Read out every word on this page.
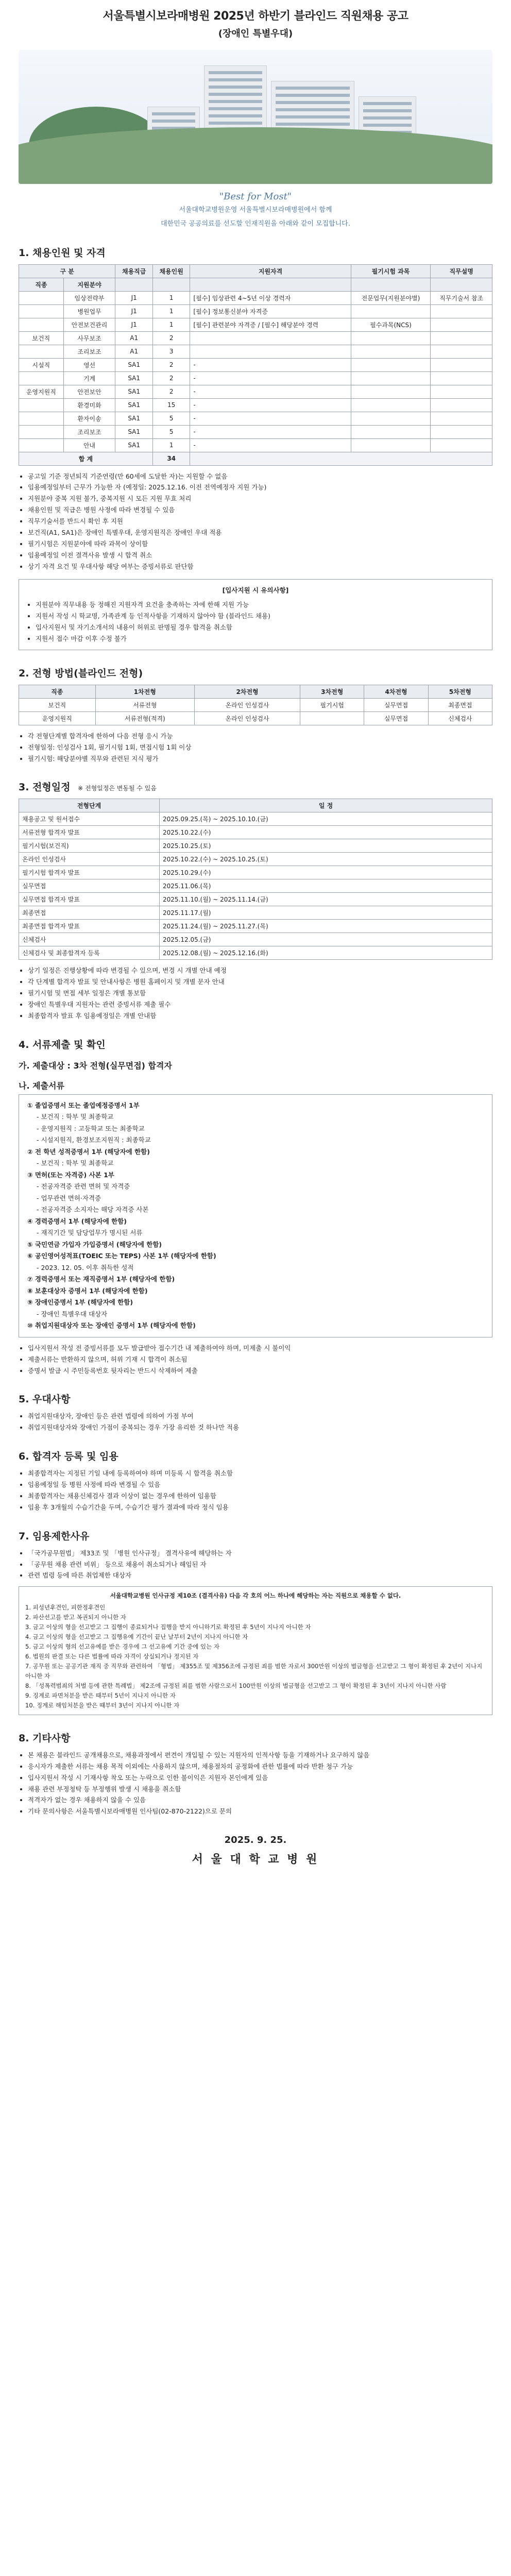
서울특별시보라매병원 2025년 하반기 블라인드 직원채용 공고
(장애인 특별우대)
"Best for Most"

서울대학교병원운영 서울특별시보라매병원에서 함께

대한민국 공공의료를 선도할 인재직원을 아래와 같이 모집합니다.

1. 채용인원 및 자격
구 분		채용직급	채용인원	지원자격	필기시험 과목	직무설명
직종	지원분야					
	임상전략부	J1	1	[필수] 임상관련 4~5년 이상 경력자	전문업무(지원분야별)	직무기술서 참조
	병원업무	J1	1	[필수] 정보통신분야 자격증		
	안전보건관리	J1	1	[필수] 관련분야 자격증 / [필수] 해당분야 경력	필수과목(NCS)	
보건직	사무보조	A1	2			
	조리보조	A1	3			
시설직	영선	SA1	2	-		
	기계	SA1	2	-		
운영지원직	안전보안	SA1	2	-		
	환경미화	SA1	15	-		
	환자이송	SA1	5	-		
	조리보조	SA1	5	-		
	안내	SA1	1	-		
합 계			34			
• 공고일 기준 정년퇴직 기준연령(만 60세에 도달한 자)는 지원할 수 없음
• 임용예정일부터 근무가 가능한 자 (예정일: 2025.12.16. 이전 전역예정자 지원 가능)
• 지원분야 중복 지원 불가, 중복지원 시 모든 지원 무효 처리
• 채용인원 및 직급은 병원 사정에 따라 변경될 수 있음
• 직무기술서를 반드시 확인 후 지원
• 보건직(A1, SA1)은 장애인 특별우대, 운영지원직은 장애인 우대 적용
• 필기시험은 지원분야에 따라 과목이 상이함
• 임용예정일 이전 결격사유 발생 시 합격 취소
• 상기 자격 요건 및 우대사항 해당 여부는 증빙서류로 판단함
[입사지원 시 유의사항]
• 지원분야 직무내용 등 정해진 지원자격 요건을 충족하는 자에 한해 지원 가능
• 지원서 작성 시 학교명, 가족관계 등 인적사항을 기재하지 않아야 함 (블라인드 채용)
• 입사지원서 및 자기소개서의 내용이 허위로 판명될 경우 합격을 취소함
• 지원서 접수 마감 이후 수정 불가
2. 전형 방법(블라인드 전형)
직종	1차전형	2차전형	3차전형	4차전형	5차전형
보건직	서류전형	온라인 인성검사	필기시험	실무면접	최종면접
운영지원직	서류전형(적격)	온라인 인성검사		실무면접	신체검사
• 각 전형단계별 합격자에 한하여 다음 전형 응시 가능
• 전형일정: 인성검사 1회, 필기시험 1회, 면접시험 1회 이상
• 필기시험: 해당분야별 직무와 관련된 지식 평가
3. 전형일정 ※ 전형일정은 변동될 수 있음
전형단계	일 정
채용공고 및 원서접수	2025.09.25.(목) ~ 2025.10.10.(금)
서류전형 합격자 발표	2025.10.22.(수)
필기시험(보건직)	2025.10.25.(토)
온라인 인성검사	2025.10.22.(수) ~ 2025.10.25.(토)
필기시험 합격자 발표	2025.10.29.(수)
실무면접	2025.11.06.(목)
실무면접 합격자 발표	2025.11.10.(월) ~ 2025.11.14.(금)
최종면접	2025.11.17.(월)
최종면접 합격자 발표	2025.11.24.(월) ~ 2025.11.27.(목)
신체검사	2025.12.05.(금)
신체검사 및 최종합격자 등록	2025.12.08.(월) ~ 2025.12.16.(화)
• 상기 일정은 진행상황에 따라 변경될 수 있으며, 변경 시 개별 안내 예정
• 각 단계별 합격자 발표 및 안내사항은 병원 홈페이지 및 개별 문자 안내
• 필기시험 및 면접 세부 일정은 개별 통보함
• 장애인 특별우대 지원자는 관련 증빙서류 제출 필수
• 최종합격자 발표 후 임용예정일은 개별 안내함
4. 서류제출 및 확인
가. 제출대상 : 3차 전형(실무면접) 합격자
나. 제출서류
① 졸업증명서 또는 졸업예정증명서 1부
- 보건직 : 학부 및 최종학교
- 운영지원직 : 고등학교 또는 최종학교
- 시설지원직, 환경보조지원직 : 최종학교
② 전 학년 성적증명서 1부 (해당자에 한함)
- 보건직 : 학부 및 최종학교
③ 면허(또는 자격증) 사본 1부
- 전공자격증 관련 면허 및 자격증
- 업무관련 면허·자격증
- 전공자격증 소지자는 해당 자격증 사본
④ 경력증명서 1부 (해당자에 한함)
- 재직기간 및 담당업무가 명시된 서류
⑤ 국민연금 가입자 가입증명서 (해당자에 한함)
⑥ 공인영어성적표(TOEIC 또는 TEPS) 사본 1부 (해당자에 한함)
- 2023. 12. 05. 이후 취득한 성적
⑦ 경력증명서 또는 재직증명서 1부 (해당자에 한함)
⑧ 보훈대상자 증명서 1부 (해당자에 한함)
⑨ 장애인증명서 1부 (해당자에 한함)
- 장애인 특별우대 대상자
⑩ 취업지원대상자 또는 장애인 증명서 1부 (해당자에 한함)
• 입사지원서 작성 전 증빙서류를 모두 발급받아 접수기간 내 제출하여야 하며, 미제출 시 불이익
• 제출서류는 반환하지 않으며, 허위 기재 시 합격이 취소됨
• 증명서 발급 시 주민등록번호 뒷자리는 반드시 삭제하여 제출
5. 우대사항
• 취업지원대상자, 장애인 등은 관련 법령에 의하여 가점 부여
• 취업지원대상자와 장애인 가점이 중복되는 경우 가장 유리한 것 하나만 적용
6. 합격자 등록 및 임용
• 최종합격자는 지정된 기일 내에 등록하여야 하며 미등록 시 합격을 취소함
• 임용예정일 등 병원 사정에 따라 변경될 수 있음
• 최종합격자는 채용신체검사 결과 이상이 없는 경우에 한하여 임용함
• 임용 후 3개월의 수습기간을 두며, 수습기간 평가 결과에 따라 정식 임용
7. 임용제한사유
• 「국가공무원법」 제33조 및 「병원 인사규정」 결격사유에 해당하는 자
• 「공무원 채용 관련 비위」 등으로 채용이 취소되거나 해임된 자
• 관련 법령 등에 따른 취업제한 대상자
서울대학교병원 인사규정 제10조 (결격사유) 다음 각 호의 어느 하나에 해당하는 자는 직원으로 채용할 수 없다.
1. 피성년후견인, 피한정후견인
2. 파산선고를 받고 복권되지 아니한 자
3. 금고 이상의 형을 선고받고 그 집행이 종료되거나 집행을 받지 아니하기로 확정된 후 5년이 지나지 아니한 자
4. 금고 이상의 형을 선고받고 그 집행유예 기간이 끝난 날부터 2년이 지나지 아니한 자
5. 금고 이상의 형의 선고유예를 받은 경우에 그 선고유예 기간 중에 있는 자
6. 법원의 판결 또는 다른 법률에 따라 자격이 상실되거나 정지된 자
7. 공무원 또는 공공기관 재직 중 직무와 관련하여 「형법」 제355조 및 제356조에 규정된 죄를 범한 자로서 300만원 이상의 벌금형을 선고받고 그 형이 확정된 후 2년이 지나지 아니한 자
8. 「성폭력범죄의 처벌 등에 관한 특례법」 제2조에 규정된 죄를 범한 사람으로서 100만원 이상의 벌금형을 선고받고 그 형이 확정된 후 3년이 지나지 아니한 사람
9. 징계로 파면처분을 받은 때부터 5년이 지나지 아니한 자
10. 징계로 해임처분을 받은 때부터 3년이 지나지 아니한 자
8. 기타사항
• 본 채용은 블라인드 공개채용으로, 채용과정에서 편견이 개입될 수 있는 지원자의 인적사항 등을 기재하거나 요구하지 않음
• 응시자가 제출한 서류는 채용 목적 이외에는 사용하지 않으며, 채용절차의 공정화에 관한 법률에 따라 반환 청구 가능
• 입사지원서 작성 시 기재사항 착오 또는 누락으로 인한 불이익은 지원자 본인에게 있음
• 채용 관련 부정청탁 등 부정행위 발생 시 채용을 취소함
• 적격자가 없는 경우 채용하지 않을 수 있음
• 기타 문의사항은 서울특별시보라매병원 인사팀(02-870-2122)으로 문의
2025. 9. 25.
서 울 대 학 교 병 원
